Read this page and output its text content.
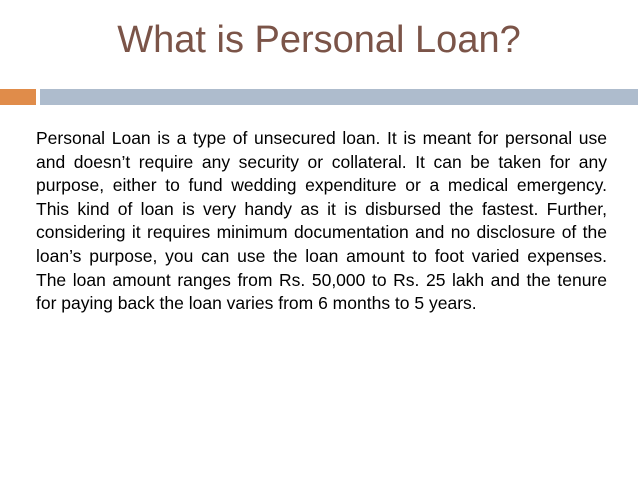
What is Personal Loan?

Personal Loan is a type of unsecured loan. It is meant for personal use and doesn’t require any security or collateral. It can be taken for any purpose, either to fund wedding expenditure or a medical emergency. This kind of loan is very handy as it is disbursed the fastest. Further, considering it requires minimum documentation and no disclosure of the loan’s purpose, you can use the loan amount to foot varied expenses. The loan amount ranges from Rs. 50,000 to Rs. 25 lakh and the tenure for paying back the loan varies from 6 months to 5 years.
